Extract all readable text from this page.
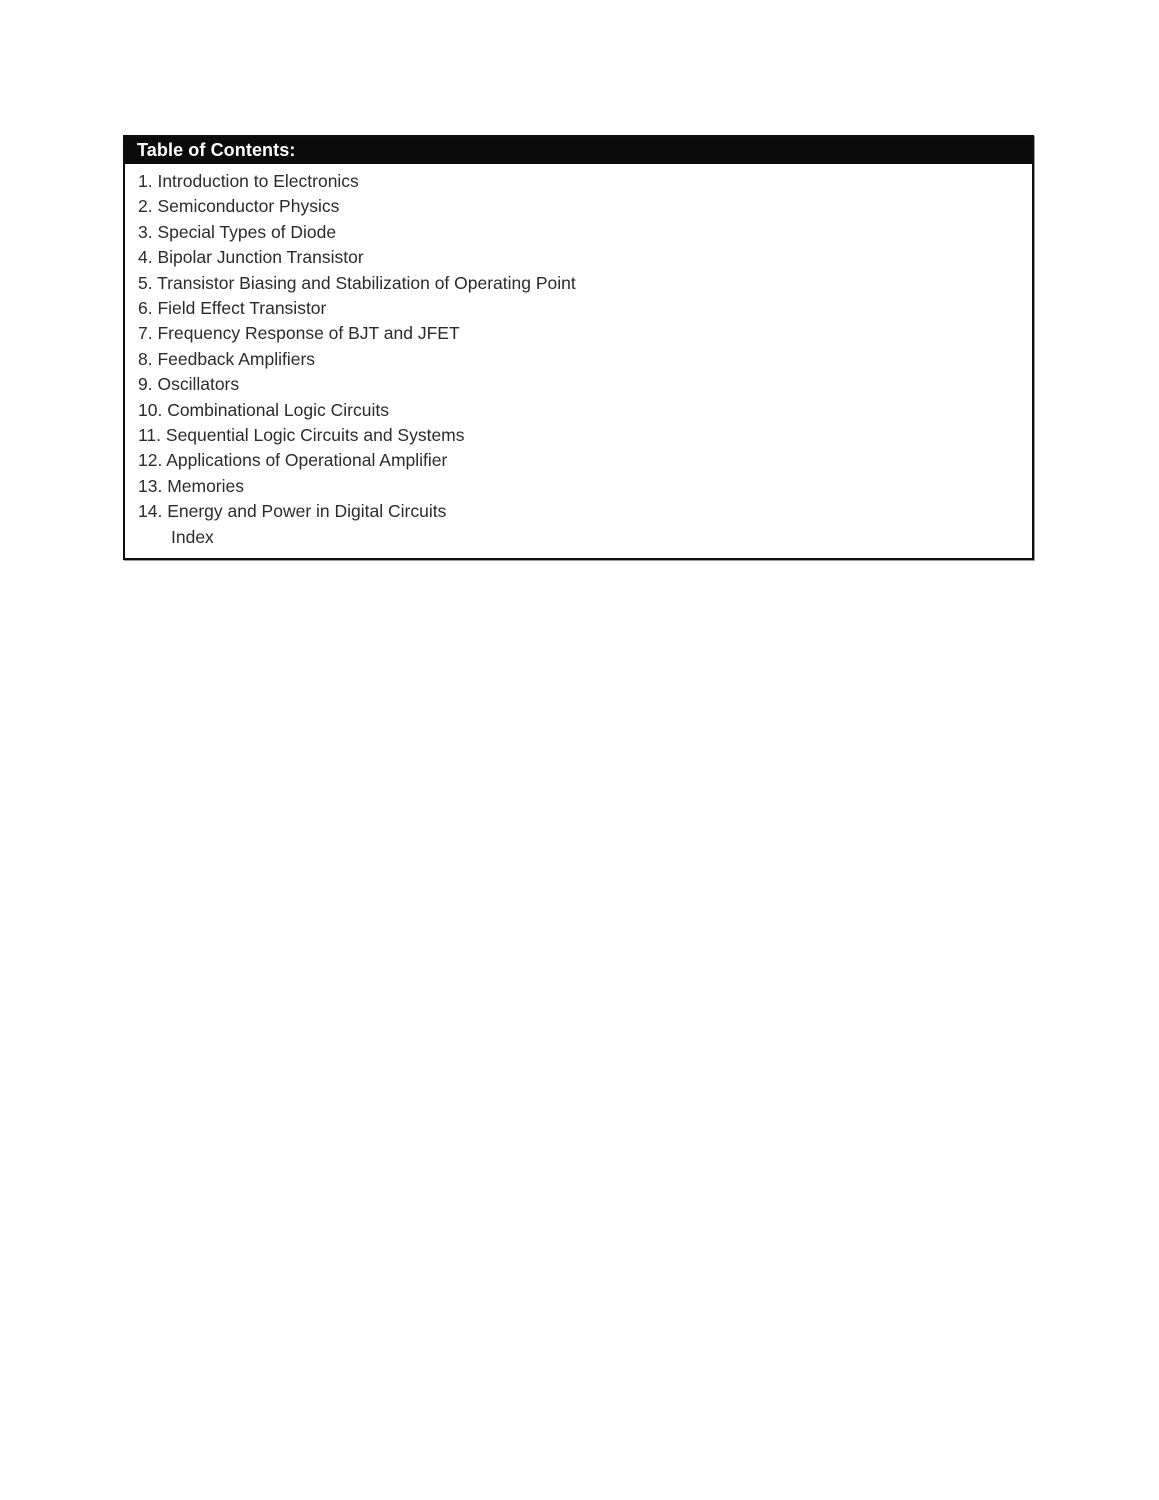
Table of Contents:
1. Introduction to Electronics
2. Semiconductor Physics
3. Special Types of Diode
4. Bipolar Junction Transistor
5. Transistor Biasing and Stabilization of Operating Point
6. Field Effect Transistor
7. Frequency Response of BJT and JFET
8. Feedback Amplifiers
9. Oscillators
10. Combinational Logic Circuits
11. Sequential Logic Circuits and Systems
12. Applications of Operational Amplifier
13. Memories
14. Energy and Power in Digital Circuits
Index
